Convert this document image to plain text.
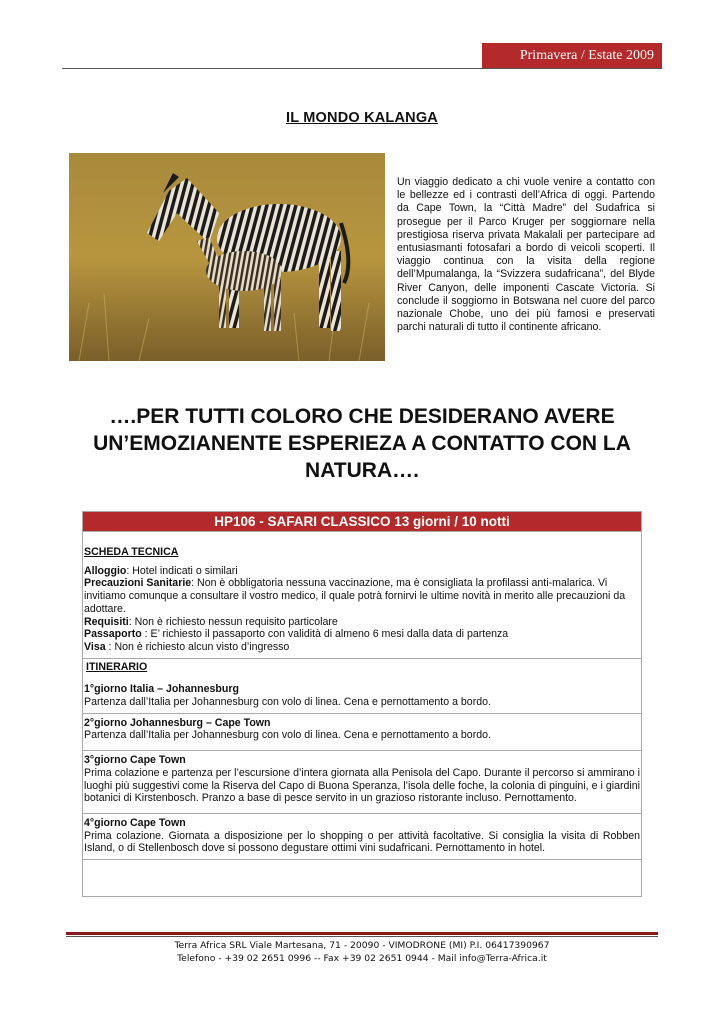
Primavera / Estate 2009
IL MONDO KALANGA
Un viaggio dedicato a chi vuole venire a contatto con le bellezze ed i contrasti dell’Africa di oggi. Partendo da Cape Town, la “Città Madre” del Sudafrica si prosegue per il Parco Kruger per soggiornare nella prestigiosa riserva privata Makalali per partecipare ad entusiasmanti fotosafari a bordo di veicoli scoperti. Il viaggio continua con la visita della regione dell’Mpumalanga, la “Svizzera sudafricana”, del Blyde River Canyon, delle imponenti Cascate Victoria. Si conclude il soggiorno in Botswana nel cuore del parco nazionale Chobe, uno dei più famosi e preservati parchi naturali di tutto il continente africano.
….PER TUTTI COLORO CHE DESIDERANO AVERE UN’EMOZIANENTE ESPERIEZA A CONTATTO CON LA NATURA….
HP106 - SAFARI CLASSICO 13 giorni / 10 notti
SCHEDA TECNICA
Alloggio: Hotel indicati o similari
Precauzioni Sanitarie: Non è obbligatoria nessuna vaccinazione, ma è consigliata la profilassi anti-malarica. Vi invitiamo comunque a consultare il vostro medico, il quale potrà fornirvi le ultime novità in merito alle precauzioni da adottare.
Requisiti: Non è richiesto nessun requisito particolare
Passaporto : E’ richiesto il passaporto con validità di almeno 6 mesi dalla data di partenza
Visa : Non è richiesto alcun visto d’ingresso
ITINERARIO
1°giorno Italia – Johannesburg
Partenza dall’Italia per Johannesburg con volo di linea. Cena e pernottamento a bordo.
2°giorno Johannesburg – Cape Town
Partenza dall’Italia per Johannesburg con volo di linea. Cena e pernottamento a bordo.
3°giorno Cape Town
Prima colazione e partenza per l’escursione d’intera giornata alla Penisola del Capo. Durante il percorso si ammirano i luoghi più suggestivi come la Riserva del Capo di Buona Speranza, l’isola delle foche, la colonia di pinguini, e i giardini botanici di Kirstenbosch. Pranzo a base di pesce servito in un grazioso ristorante incluso. Pernottamento.
4°giorno Cape Town
Prima colazione. Giornata a disposizione per lo shopping o per attività facoltative. Si consiglia la visita di Robben Island, o di Stellenbosch dove si possono degustare ottimi vini sudafricani. Pernottamento in hotel.
Terra Africa SRL Viale Martesana, 71 - 20090 - VIMODRONE (MI) P.I. 06417390967
Telefono - +39 02 2651 0996 -- Fax +39 02 2651 0944 - Mail info@Terra-Africa.it
